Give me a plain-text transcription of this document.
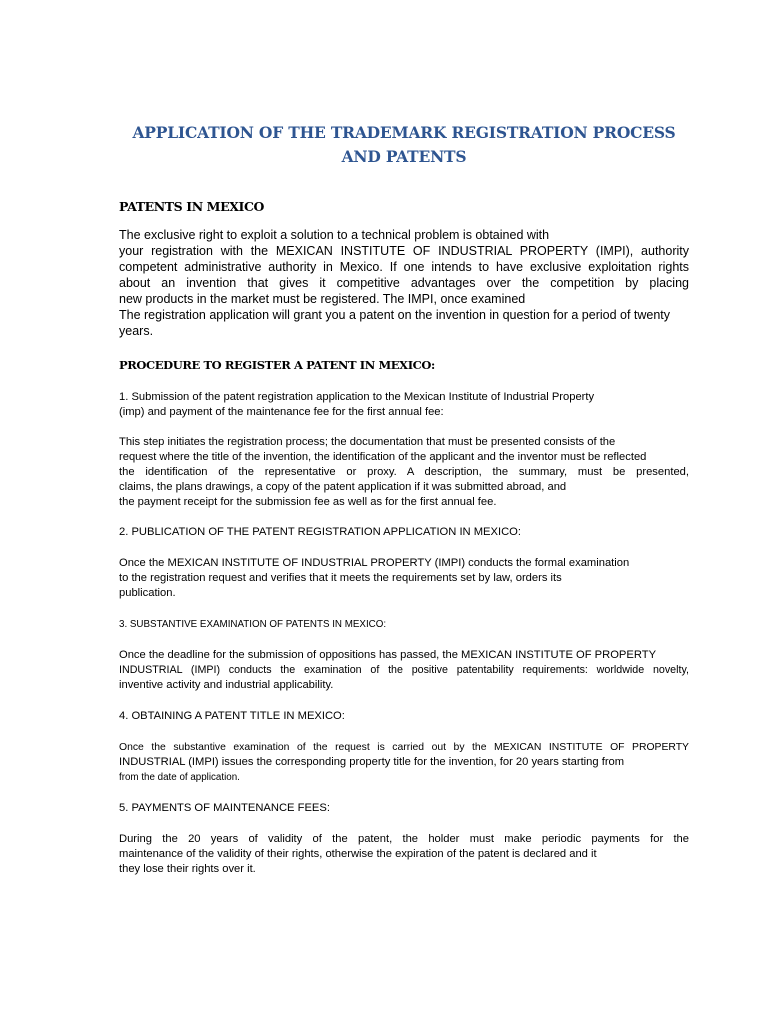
APPLICATION OF THE TRADEMARK REGISTRATION PROCESS
AND PATENTS
PATENTS IN MEXICO
The exclusive right to exploit a solution to a technical problem is obtained with
your registration with the MEXICAN INSTITUTE OF INDUSTRIAL PROPERTY (IMPI), authority
competent administrative authority in Mexico. If one intends to have exclusive exploitation rights
about an invention that gives it competitive advantages over the competition by placing
new products in the market must be registered. The IMPI, once examined
The registration application will grant you a patent on the invention in question for a period of twenty
years.
PROCEDURE TO REGISTER A PATENT IN MEXICO:
1. Submission of the patent registration application to the Mexican Institute of Industrial Property
(imp) and payment of the maintenance fee for the first annual fee:
This step initiates the registration process; the documentation that must be presented consists of the
request where the title of the invention, the identification of the applicant and the inventor must be reflected
the identification of the representative or proxy. A description, the summary, must be presented,
claims, the plans drawings, a copy of the patent application if it was submitted abroad, and
the payment receipt for the submission fee as well as for the first annual fee.
2. PUBLICATION OF THE PATENT REGISTRATION APPLICATION IN MEXICO:
Once the MEXICAN INSTITUTE OF INDUSTRIAL PROPERTY (IMPI) conducts the formal examination
to the registration request and verifies that it meets the requirements set by law, orders its
publication.
3. SUBSTANTIVE EXAMINATION OF PATENTS IN MEXICO:
Once the deadline for the submission of oppositions has passed, the MEXICAN INSTITUTE OF PROPERTY
INDUSTRIAL (IMPI) conducts the examination of the positive patentability requirements: worldwide novelty,
inventive activity and industrial applicability.
4. OBTAINING A PATENT TITLE IN MEXICO:
Once the substantive examination of the request is carried out by the MEXICAN INSTITUTE OF PROPERTY
INDUSTRIAL (IMPI) issues the corresponding property title for the invention, for 20 years starting from
from the date of application.
5. PAYMENTS OF MAINTENANCE FEES:
During the 20 years of validity of the patent, the holder must make periodic payments for the
maintenance of the validity of their rights, otherwise the expiration of the patent is declared and it
they lose their rights over it.
